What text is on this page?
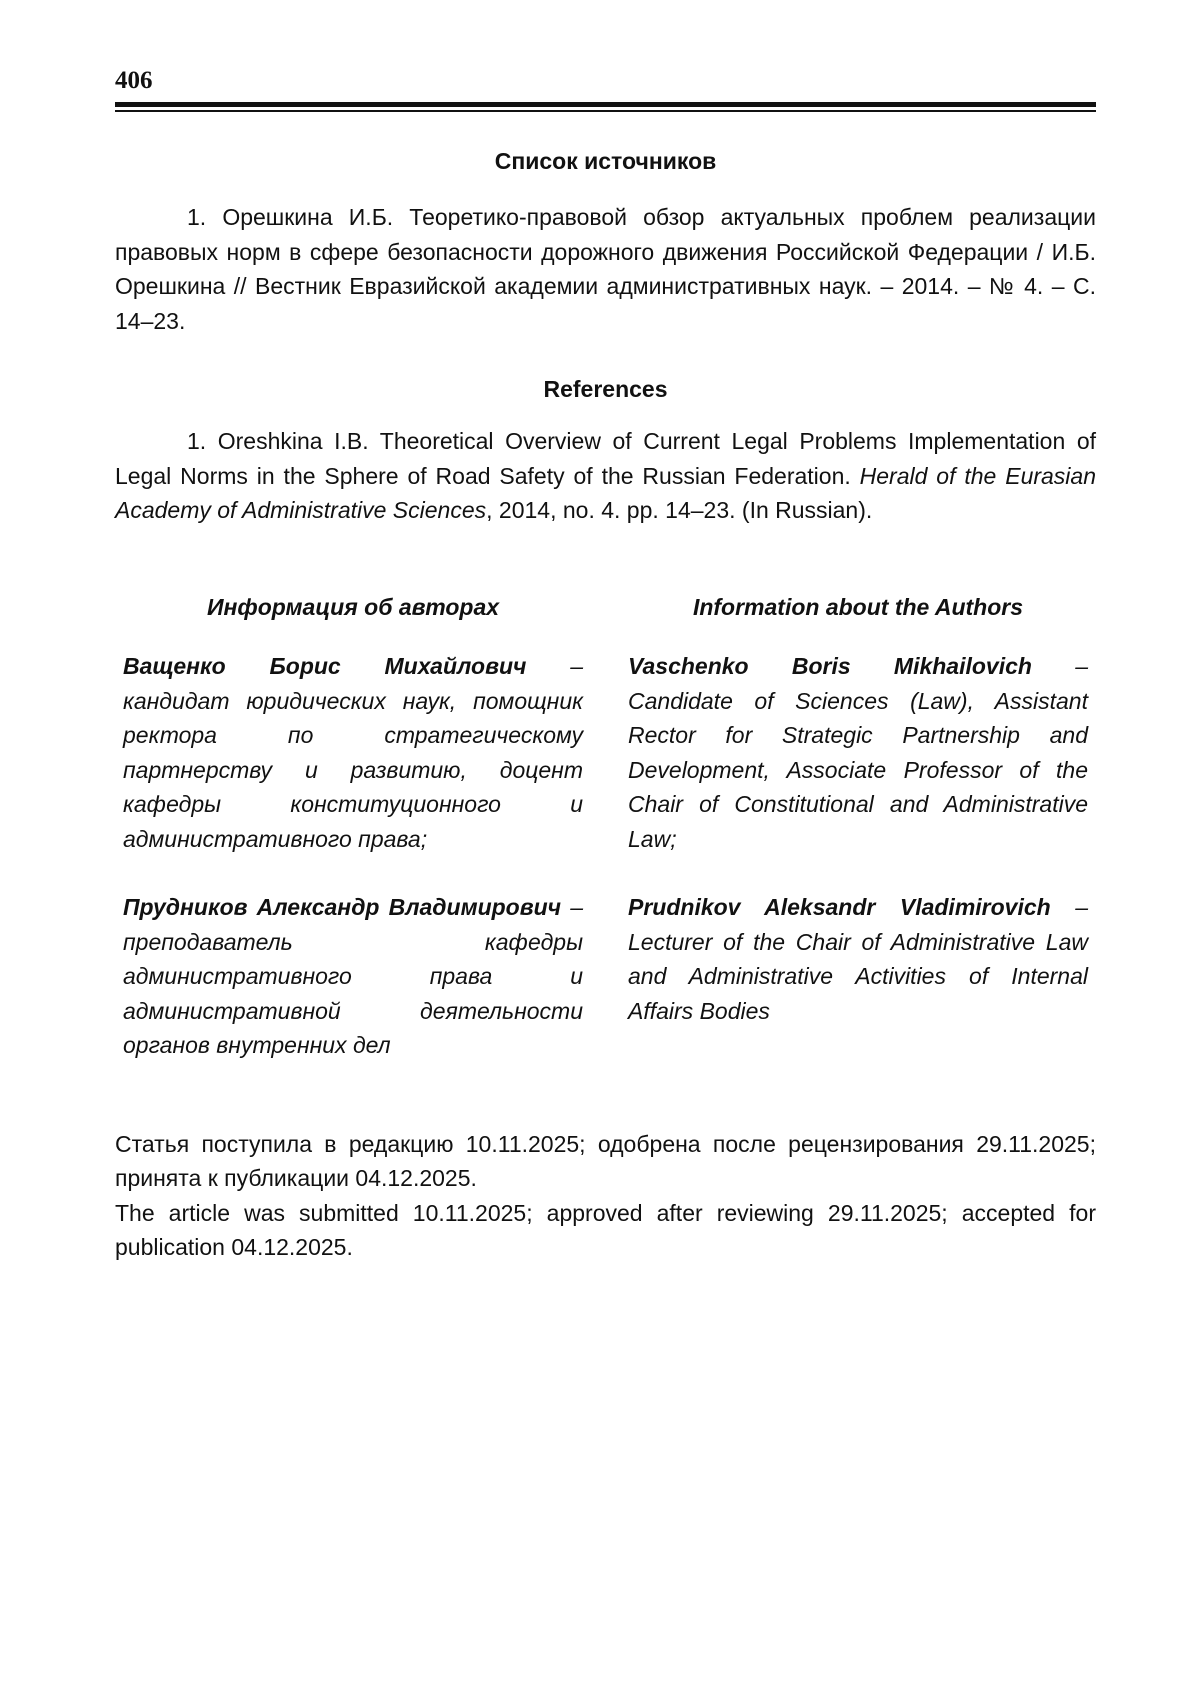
406
Список источников

1. Орешкина И.Б. Теоретико-правовой обзор актуальных проблем реализации правовых норм в сфере безопасности дорожного движения Российской Федерации / И.Б. Орешкина // Вестник Евразийской академии административных наук. – 2014. – № 4. – С. 14–23.

References

1. Oreshkina I.B. Theoretical Overview of Current Legal Problems Implementation of Legal Norms in the Sphere of Road Safety of the Russian Federation. Herald of the Eurasian Academy of Administrative Sciences, 2014, no. 4. pp. 14–23. (In Russian).

Информация об авторах
Ващенко Борис Михайлович – кандидат юридических наук, помощник ректора по стратегическому партнерству и развитию, доцент кафедры конституционного и административного права;
Прудников Александр Владимирович – преподаватель кафедры административного права и административной деятельности органов внутренних дел
Information about the Authors
Vaschenko Boris Mikhailovich – Candidate of Sciences (Law), Assistant Rector for Strategic Partnership and Development, Associate Professor of the Chair of Constitutional and Administrative Law;
Prudnikov Aleksandr Vladimirovich – Lecturer of the Chair of Administrative Law and Administrative Activities of Internal Affairs Bodies

Статья поступила в редакцию 10.11.2025; одобрена после рецензирования 29.11.2025; принята к публикации 04.12.2025.

The article was submitted 10.11.2025; approved after reviewing 29.11.2025; accepted for publication 04.12.2025.
